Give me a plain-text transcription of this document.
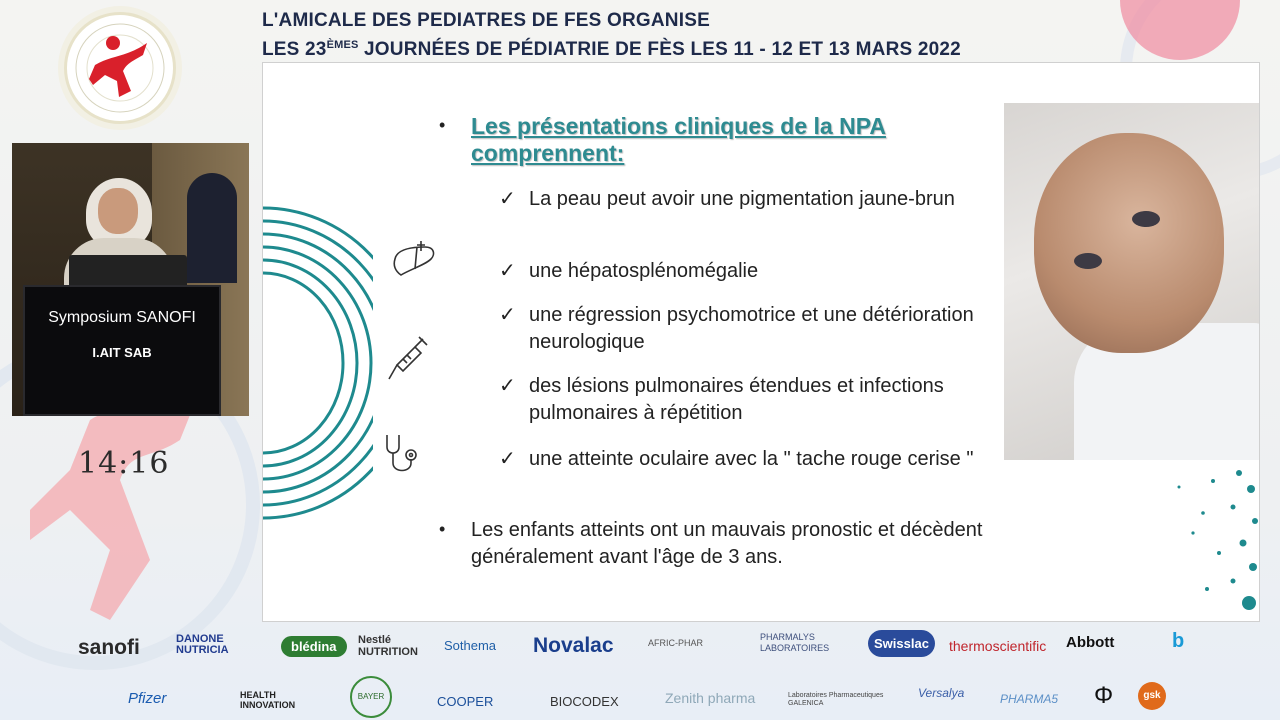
L'AMICALE DES PEDIATRES DE FES ORGANISE
LES 23ÈMES JOURNÉES DE PÉDIATRIE DE FÈS LES 11 - 12 ET 13 MARS 2022
Symposium SANOFI
I.AIT SAB
14:16
• Les présentations cliniques de la NPA comprennent:
✓ La peau peut avoir une pigmentation jaune-brun
✓ une hépatosplénomégalie
✓ une régression psychomotrice et une détérioration neurologique
✓ des lésions pulmonaires étendues et infections pulmonaires à répétition
✓ une atteinte oculaire avec la " tache rouge cerise "
• Les enfants atteints ont un mauvais pronostic et décèdent généralement avant l'âge de 3 ans.
sanofi	DANONE NUTRICIA	blédina	Nestlé NUTRITION	Sothema Novalac	AFRIC-PHAR
PHARMALYS LABORATOIRES	Swisslac	thermoscientific Abbott	b
Pfizer	HEALTH INNOVATION
BAYER	COOPER	BIOCODEX	Zenith pharma	Laboratoires Pharmaceutiques GALENICA
Versalya	PHARMA5 Φ	gsk
